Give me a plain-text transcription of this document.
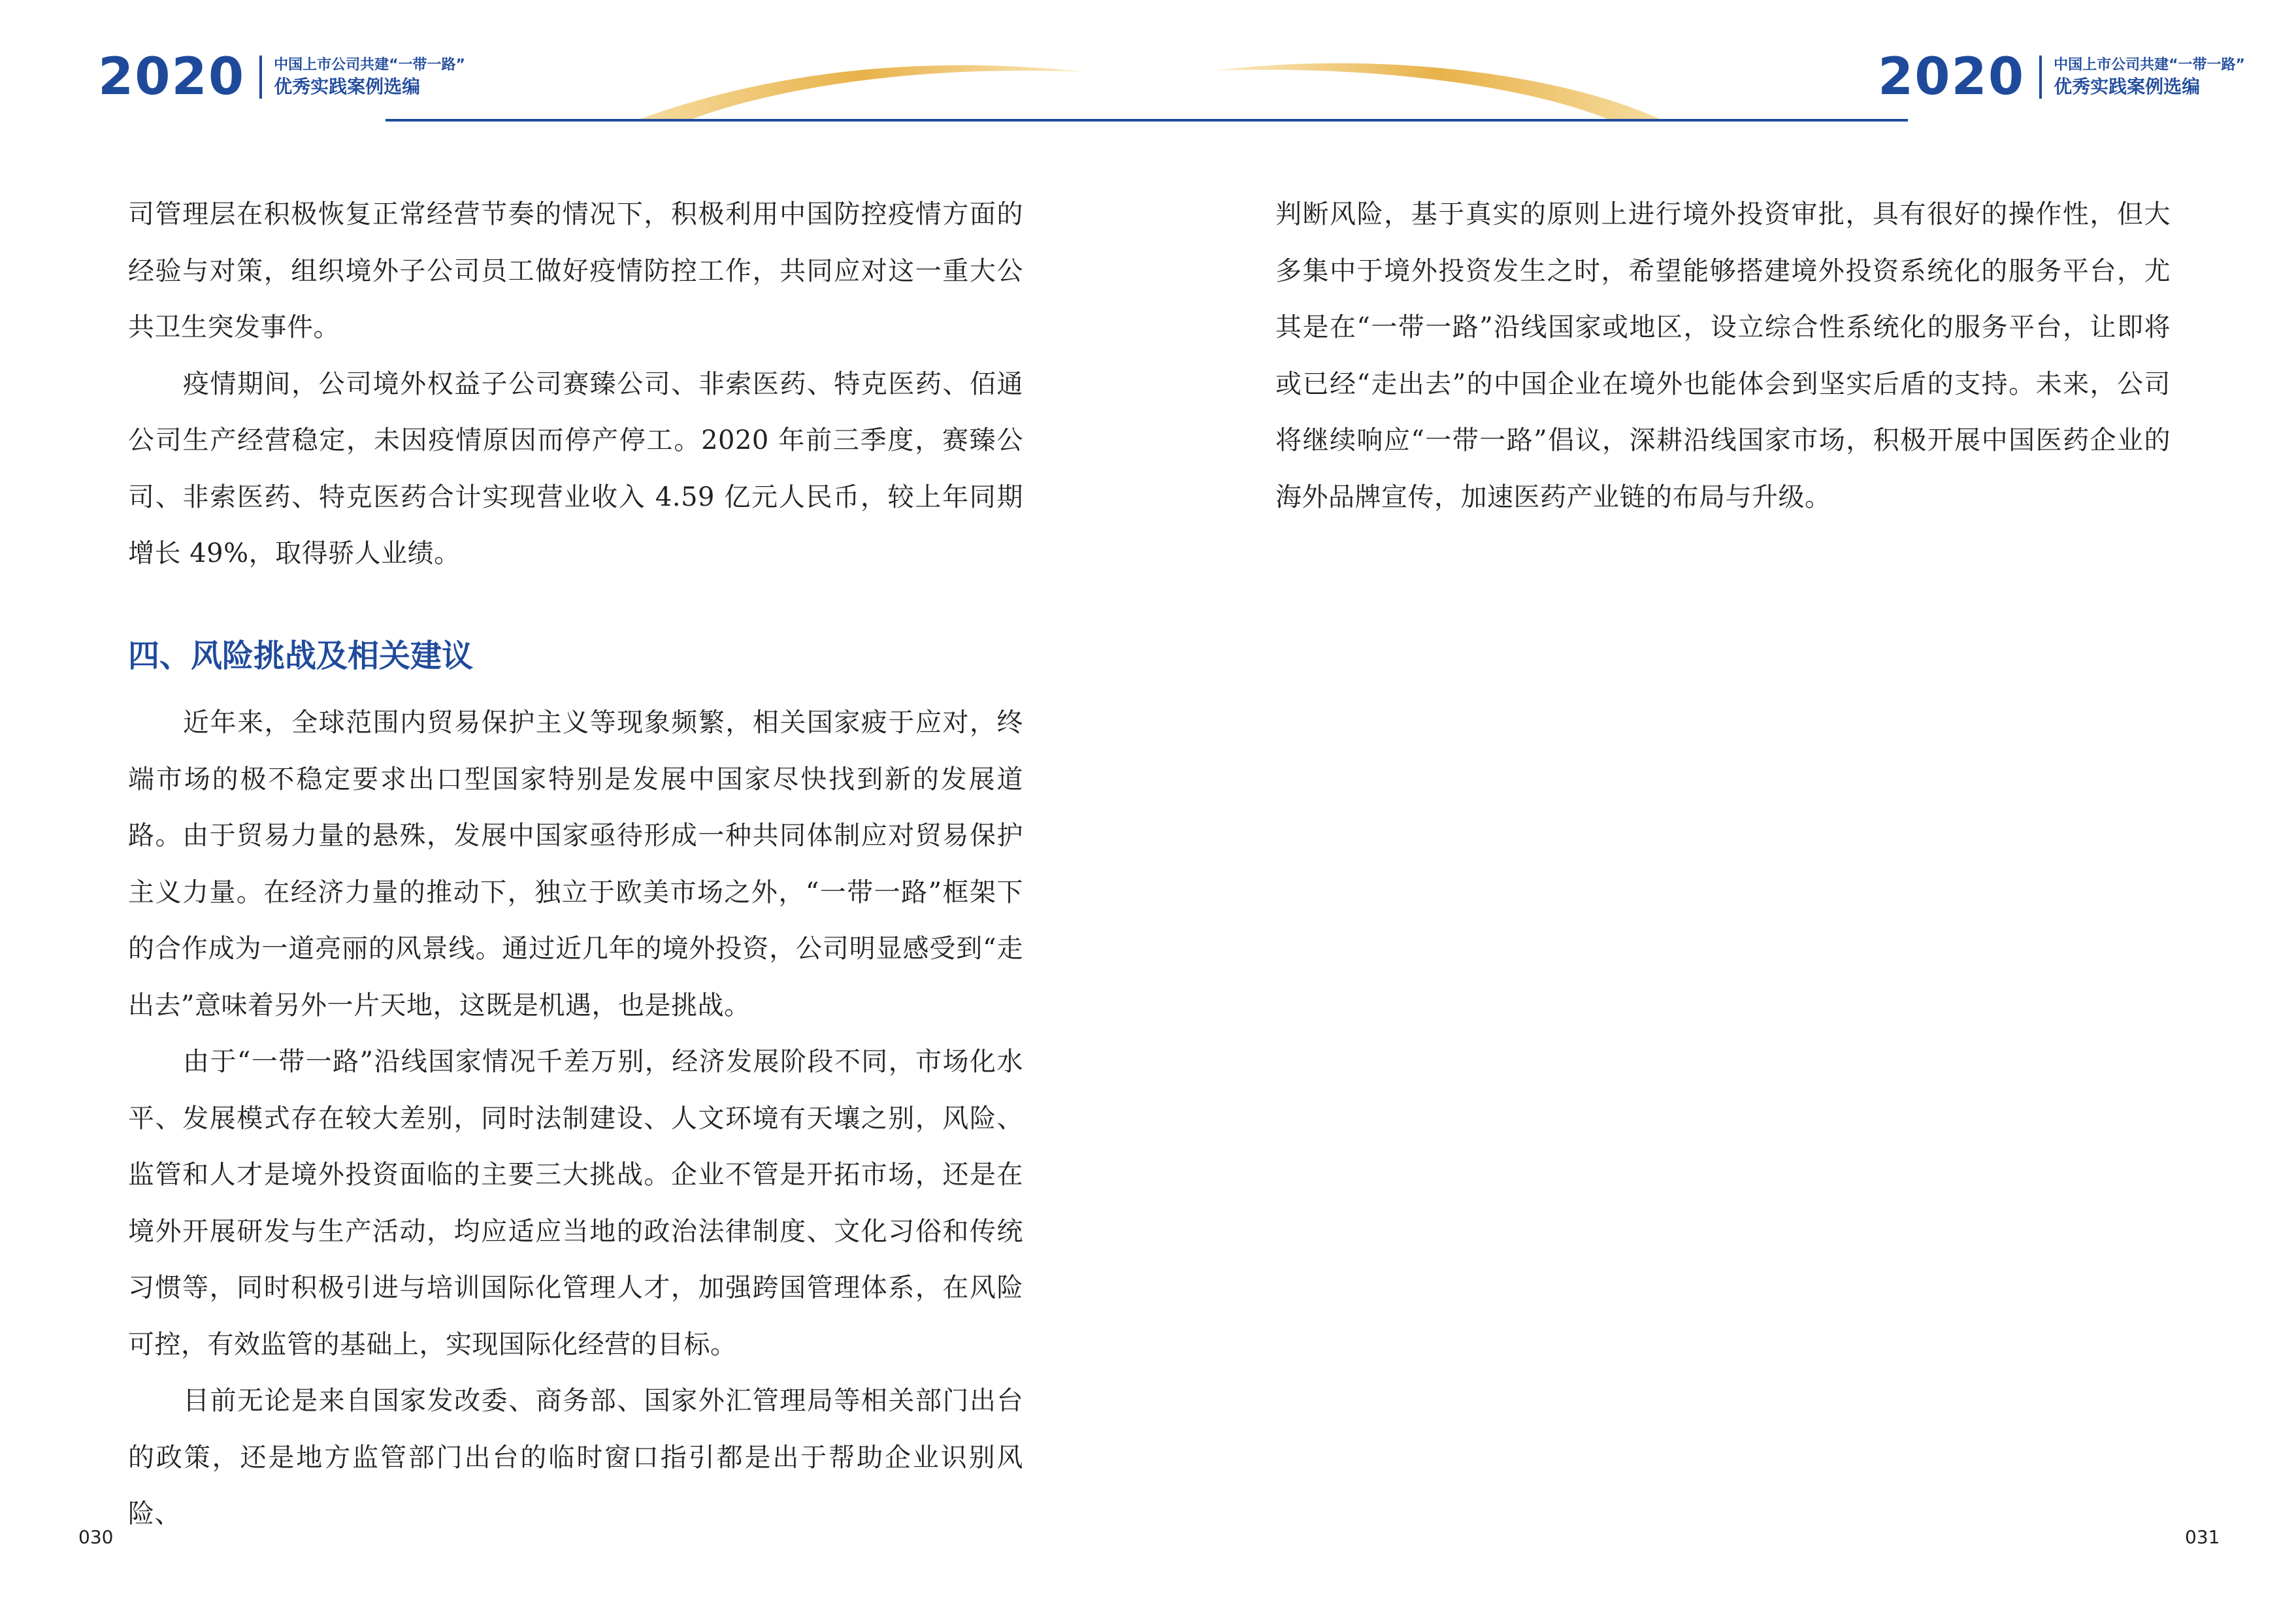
2020 中国上市公司共建“一带一路”
优秀实践案例选编	2020 中国上市公司共建“一带一路”
优秀实践案例选编

司管理层在积极恢复正常经营节奏的情况下，积极利用中国防控疫情方面的经验与对策，组织境外子公司员工做好疫情防控工作，共同应对这一重大公共卫生突发事件。

疫情期间，公司境外权益子公司赛臻公司、非索医药、特克医药、佰通公司生产经营稳定，未因疫情原因而停产停工。2020 年前三季度，赛臻公司、非索医药、特克医药合计实现营业收入 4.59 亿元人民币，较上年同期增长 49%，取得骄人业绩。

四、风险挑战及相关建议

近年来，全球范围内贸易保护主义等现象频繁，相关国家疲于应对，终端市场的极不稳定要求出口型国家特别是发展中国家尽快找到新的发展道路。由于贸易力量的悬殊，发展中国家亟待形成一种共同体制应对贸易保护主义力量。在经济力量的推动下，独立于欧美市场之外，“一带一路”框架下的合作成为一道亮丽的风景线。通过近几年的境外投资，公司明显感受到“走出去”意味着另外一片天地，这既是机遇，也是挑战。

由于“一带一路”沿线国家情况千差万别，经济发展阶段不同，市场化水平、发展模式存在较大差别，同时法制建设、人文环境有天壤之别，风险、监管和人才是境外投资面临的主要三大挑战。企业不管是开拓市场，还是在境外开展研发与生产活动，均应适应当地的政治法律制度、文化习俗和传统习惯等，同时积极引进与培训国际化管理人才，加强跨国管理体系，在风险可控，有效监管的基础上，实现国际化经营的目标。

目前无论是来自国家发改委、商务部、国家外汇管理局等相关部门出台的政策，还是地方监管部门出台的临时窗口指引都是出于帮助企业识别风险、

判断风险，基于真实的原则上进行境外投资审批，具有很好的操作性，但大多集中于境外投资发生之时，希望能够搭建境外投资系统化的服务平台，尤其是在“一带一路”沿线国家或地区，设立综合性系统化的服务平台，让即将或已经“走出去”的中国企业在境外也能体会到坚实后盾的支持。未来，公司将继续响应“一带一路”倡议，深耕沿线国家市场，积极开展中国医药企业的海外品牌宣传，加速医药产业链的布局与升级。

030	031
